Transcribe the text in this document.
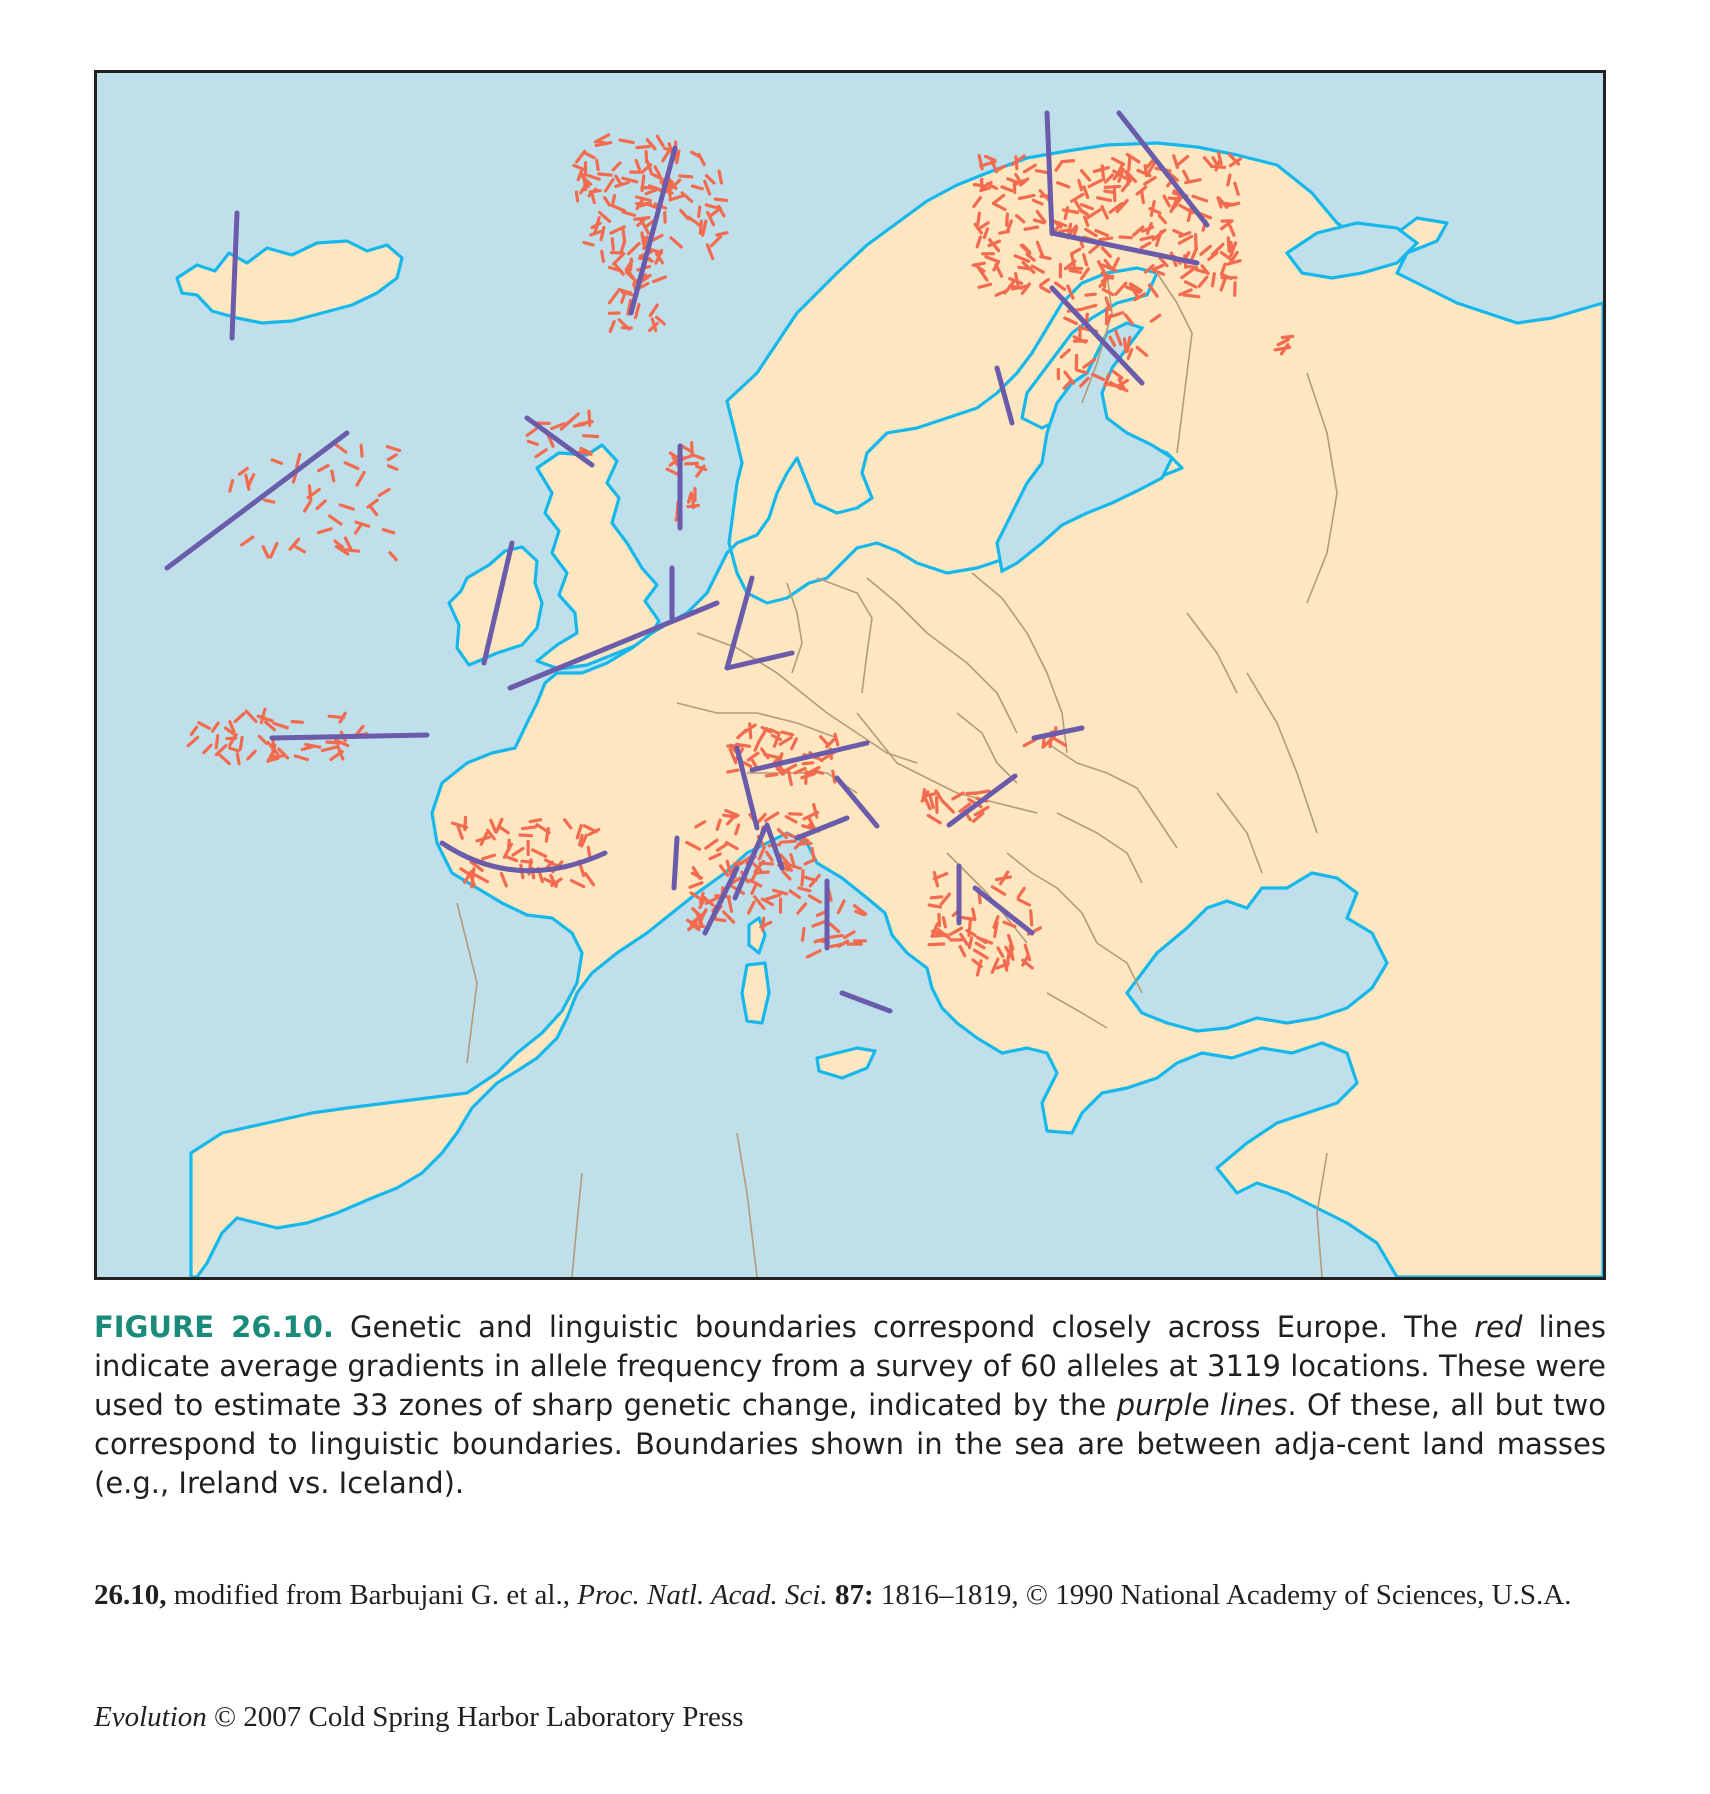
FIGURE 26.10. Genetic and linguistic boundaries correspond closely across Europe. The red lines indicate average gradients in allele frequency from a survey of 60 alleles at 3119 locations. These were used to estimate 33 zones of sharp genetic change, indicated by the purple lines. Of these, all but two correspond to linguistic boundaries. Boundaries shown in the sea are between adja-cent land masses (e.g., Ireland vs. Iceland).
26.10, modified from Barbujani G. et al., Proc. Natl. Acad. Sci. 87: 1816–1819, © 1990 National Academy of Sciences, U.S.A.
Evolution © 2007 Cold Spring Harbor Laboratory Press
